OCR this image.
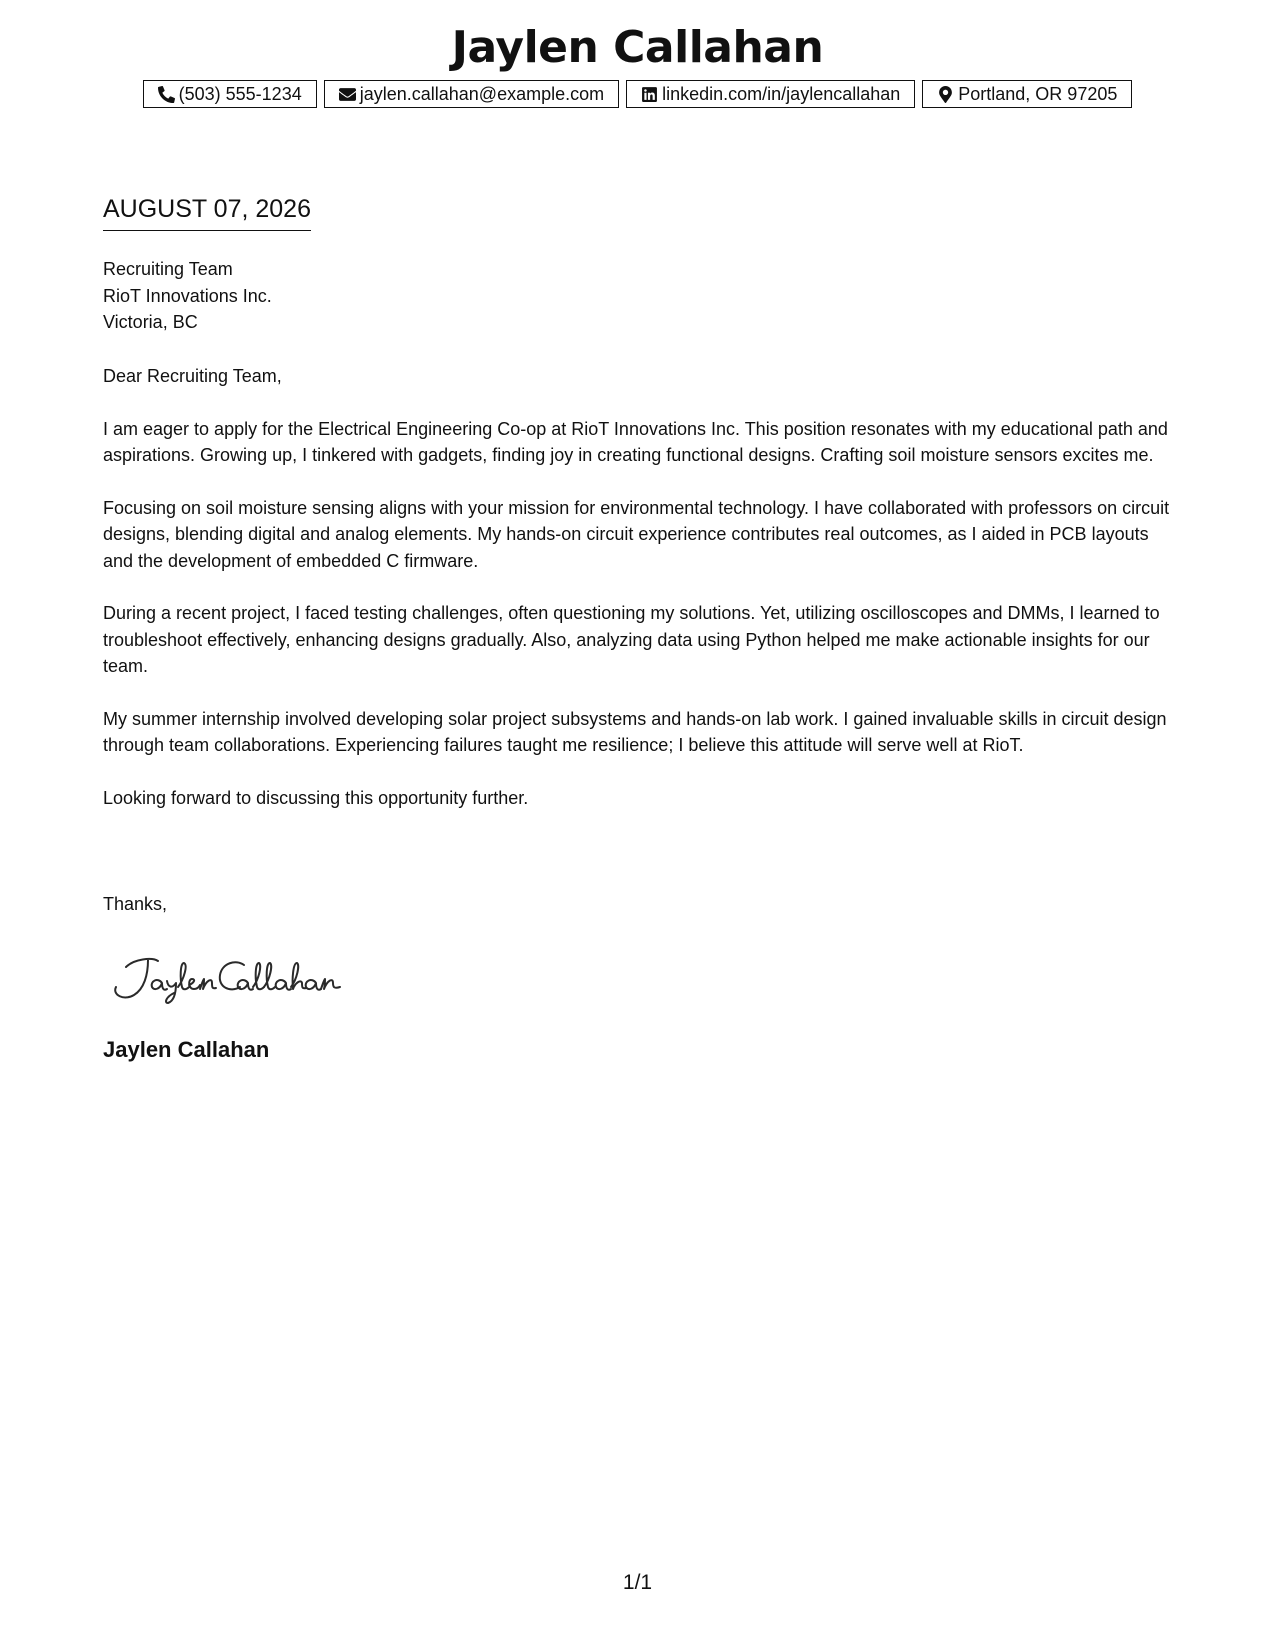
Jaylen Callahan
(503) 555-1234	jaylen.callahan@example.com	linkedin.com/in/jaylencallahan	Portland, OR 97205
AUGUST 07, 2026
Recruiting Team
RioT Innovations Inc.
Victoria, BC

Dear Recruiting Team,

I am eager to apply for the Electrical Engineering Co-op at RioT Innovations Inc. This position resonates with my educational path and aspirations. Growing up, I tinkered with gadgets, finding joy in creating functional designs. Crafting soil moisture sensors excites me.

Focusing on soil moisture sensing aligns with your mission for environmental technology. I have collaborated with professors on circuit designs, blending digital and analog elements. My hands-on circuit experience contributes real outcomes, as I aided in PCB layouts and the development of embedded C firmware.

During a recent project, I faced testing challenges, often questioning my solutions. Yet, utilizing oscilloscopes and DMMs, I learned to troubleshoot effectively, enhancing designs gradually. Also, analyzing data using Python helped me make actionable insights for our team.

My summer internship involved developing solar project subsystems and hands-on lab work. I gained invaluable skills in circuit design through team collaborations. Experiencing failures taught me resilience; I believe this attitude will serve well at RioT.

Looking forward to discussing this opportunity further.

Thanks,
Jaylen Callahan
1/1
